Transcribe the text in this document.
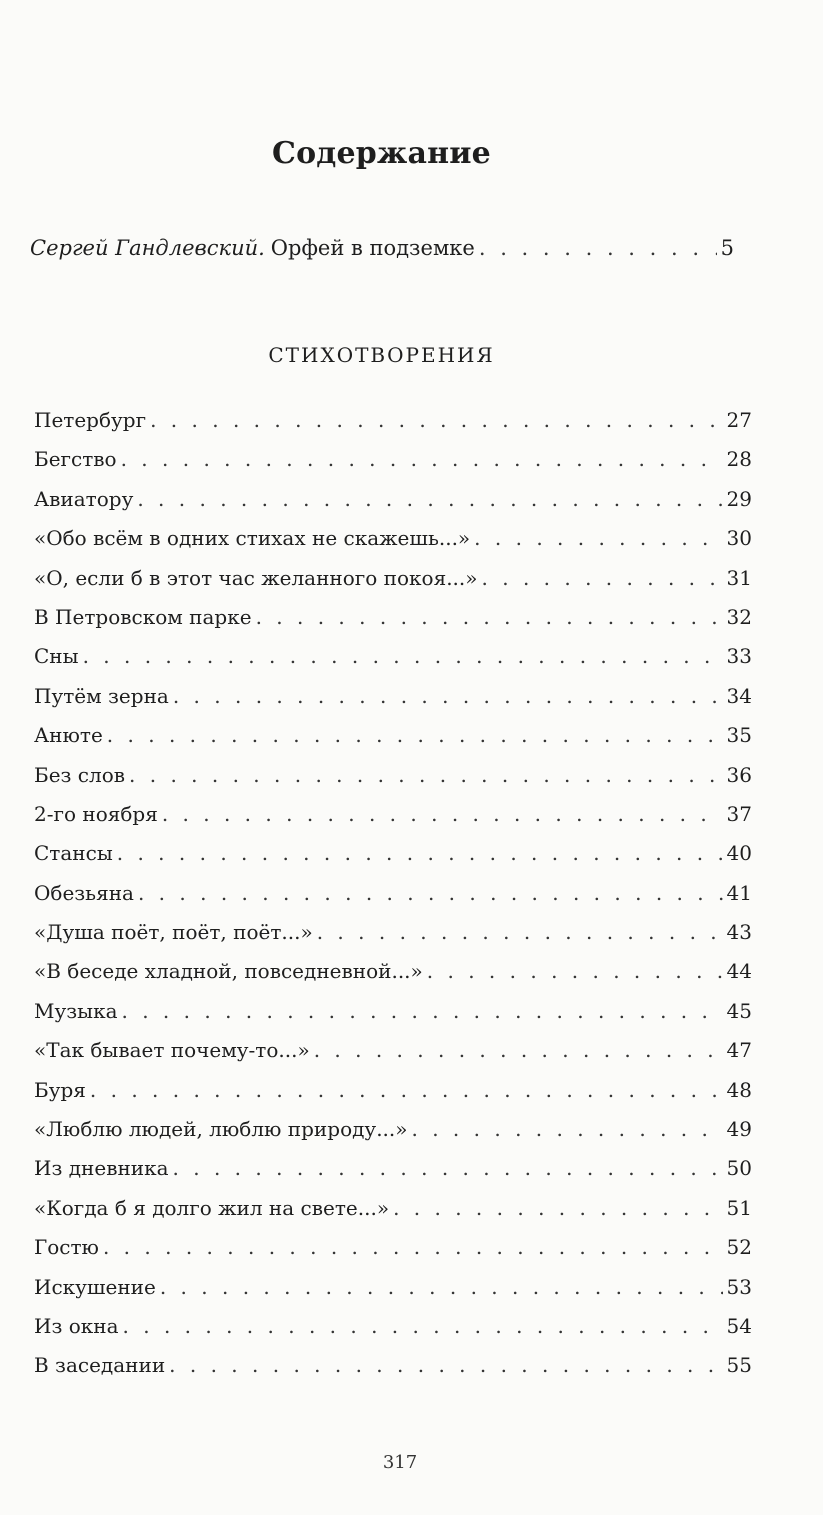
Содержание
Сергей Гандлевский. Орфей в подземке . . .	5
СТИХОТВОРЕНИЯ
Петербург . . .	27
Бегство . . .	28
Авиатору . . .	29
«Обо всём в одних стихах не скажешь...» . . .	30
«О, если б в этот час желанного покоя...» . . .	31
В Петровском парке . . .	32
Сны . . .	33
Путём зерна . . .	34
Анюте . . .	35
Без слов . . .	36
2-го ноября . . .	37
Стансы . . .	40
Обезьяна . . .	41
«Душа поёт, поёт, поёт...» . . .	43
«В беседе хладной, повседневной...» . . .	44
Музыка . . .	45
«Так бывает почему-то...» . . .	47
Буря . . .	48
«Люблю людей, люблю природу...» . . .	49
Из дневника . . .	50
«Когда б я долго жил на свете...» . . .	51
Гостю . . .	52
Искушение . . .	53
Из окна . . .	54
В заседании . . .	55
317
